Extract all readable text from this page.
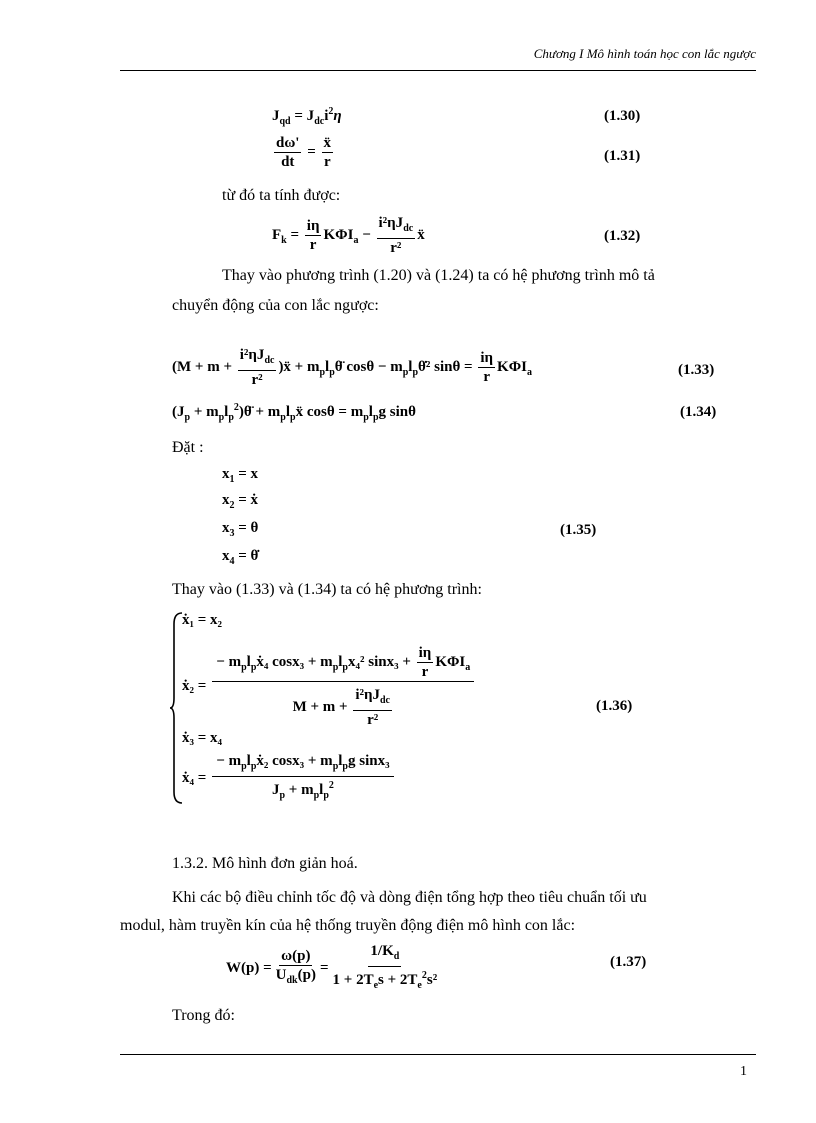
Chương I Mô hình toán học con lắc ngược
$J_{qd} = J_{dc}i^2\eta$	(1.30)
$\frac{d\omega'}{dt} = \frac{\text{ẍ}}{r}$	(1.31)
từ đó ta tính được:
$F_k = \frac{i\eta}{r} K\Phi I_a - \frac{i^2\eta J_{dc}}{\text{r²}}$ ẍ	(1.32)
Thay vào phương trình (1.20) và (1.24) ta có hệ phương trình mô tả
chuyển động của con lắc ngược:
($M + m + \frac{i^2\eta J_{dc}}{\text{r²}}$ )ẍ + $m_pl_p\thetä$ $\cos\theta - m_pl_p\thetȧ^2$ $\sin\theta = \frac{i\eta}{r} K\Phi I_a$	(1.33)
($J_p$ + $m_pl_p^2)\thetä$ + $m_pl_pẍ$ $\cos\theta = m_pl_pg$ sinθ	(1.34)
Đặt :
$x_1 = x$
$x_2$ = ẋ
$x_3 = \theta$
$x_4$ = θ̇
(1.35)
Thay vào (1.33) và (1.34) ta có hệ phương trình:
ẋ₁ = x₂
ẋ₂ = $\frac{- m_pl_pẋ_4 \cos x_3 + m_pl_px_4^2 \sin x_3 + \frac{i\eta}{r} K\Phi I_a}{M + m + \frac{i^2\eta J_{dc}}{\text{r²}}}$	(1.36)
ẋ₃ = x₄
ẋ₄ = $\frac{- m_pl_pẋ_2 \cos x_3 + m_pl_pg \sin x_3}{J_p + m_pl_p^2}$
1.3.2. Mô hình đơn giản hoá.
Khi các bộ điều chỉnh tốc độ và dòng điện tổng hợp theo tiêu chuẩn tối ưu
modul, hàm truyền kín của hệ thống truyền động điện mô hình con lắc:
$W(p) = \frac{\omega(p)}{U_{dk}(p)} = \frac{1/K_d}{1 + 2T_es + 2T_e^2s^2}$	(1.37)
Trong đó:
1
